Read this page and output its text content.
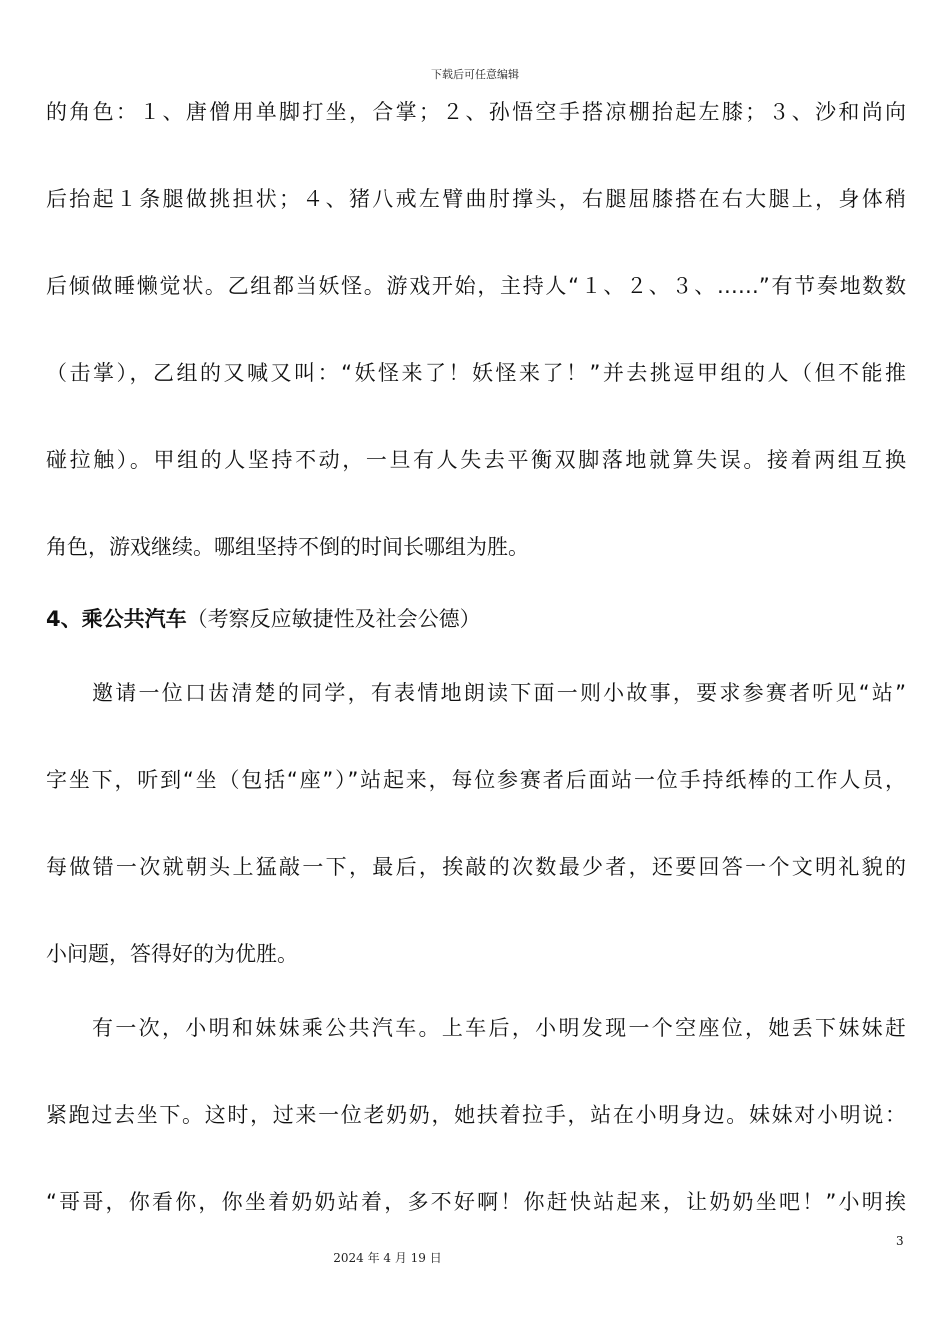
下载后可任意编辑
的角色：１、唐僧用单脚打坐，合掌；２、孙悟空手搭凉棚抬起左膝；３、沙和尚向
后抬起１条腿做挑担状；４、猪八戒左臂曲肘撑头，右腿屈膝搭在右大腿上，身体稍
后倾做睡懒觉状。乙组都当妖怪。游戏开始，主持人“１、２、３、……”有节奏地数数
（击掌），乙组的又喊又叫：“妖怪来了！妖怪来了！”并去挑逗甲组的人（但不能推
碰拉触）。甲组的人坚持不动，一旦有人失去平衡双脚落地就算失误。接着两组互换
角色，游戏继续。哪组坚持不倒的时间长哪组为胜。
4、乘公共汽车（考察反应敏捷性及社会公德）
邀请一位口齿清楚的同学，有表情地朗读下面一则小故事，要求参赛者听见“站”
字坐下，听到“坐（包括“座”）”站起来，每位参赛者后面站一位手持纸棒的工作人员，
每做错一次就朝头上猛敲一下，最后，挨敲的次数最少者，还要回答一个文明礼貌的
小问题，答得好的为优胜。
有一次，小明和妹妹乘公共汽车。上车后，小明发现一个空座位，她丢下妹妹赶
紧跑过去坐下。这时，过来一位老奶奶，她扶着拉手，站在小明身边。妹妹对小明说：
“哥哥，你看你，你坐着奶奶站着，多不好啊！你赶快站起来，让奶奶坐吧！”小明挨
3
2024 年 4 月 19 日
